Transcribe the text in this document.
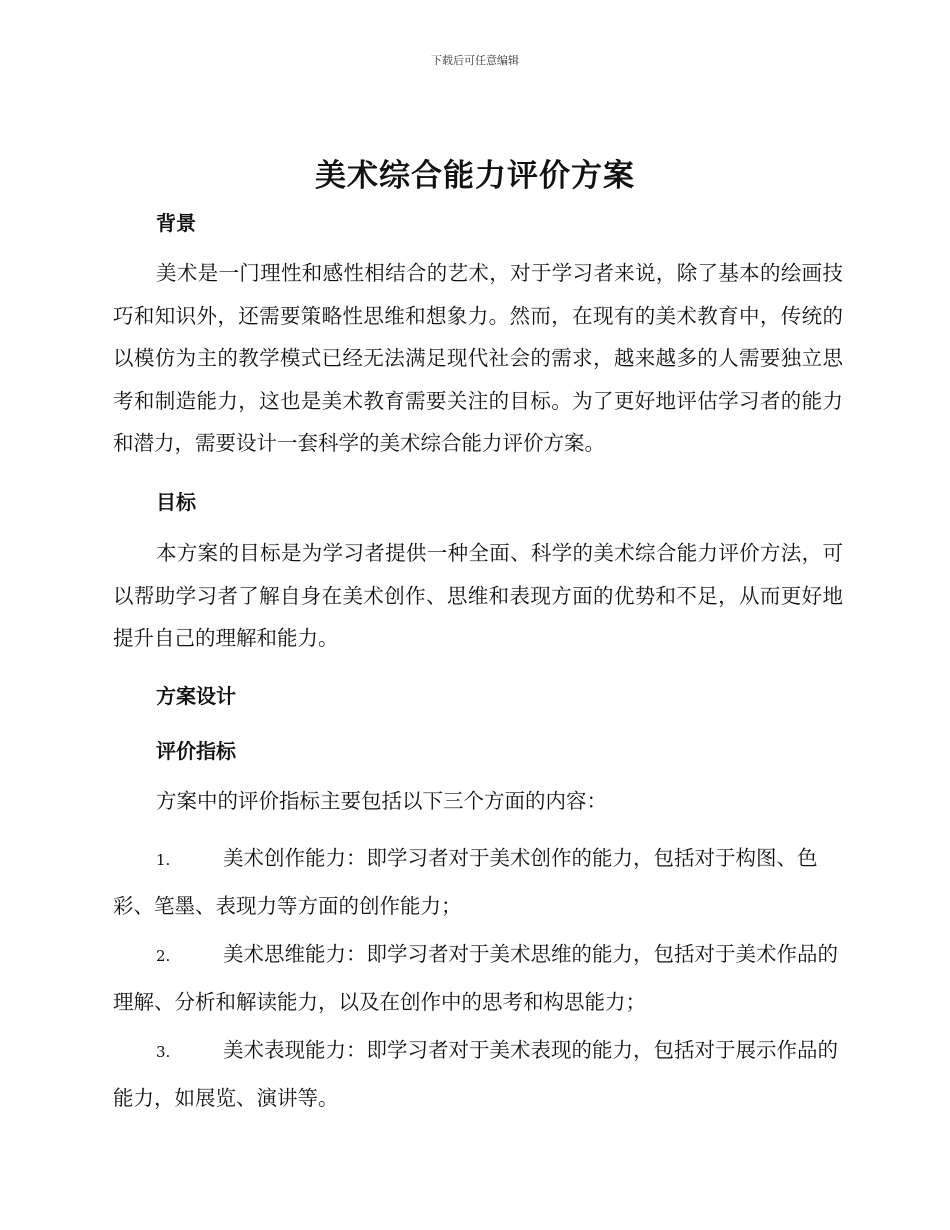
下载后可任意编辑
美术综合能力评价方案
背景

美术是一门理性和感性相结合的艺术，对于学习者来说，除了基本的绘画技巧和知识外，还需要策略性思维和想象力。然而，在现有的美术教育中，传统的以模仿为主的教学模式已经无法满足现代社会的需求，越来越多的人需要独立思考和制造能力，这也是美术教育需要关注的目标。为了更好地评估学习者的能力和潜力，需要设计一套科学的美术综合能力评价方案。

目标

本方案的目标是为学习者提供一种全面、科学的美术综合能力评价方法，可以帮助学习者了解自身在美术创作、思维和表现方面的优势和不足，从而更好地提升自己的理解和能力。

方案设计
评价指标

方案中的评价指标主要包括以下三个方面的内容：

1.	美术创作能力：即学习者对于美术创作的能力，包括对于构图、色彩、笔墨、表现力等方面的创作能力；

2.	美术思维能力：即学习者对于美术思维的能力，包括对于美术作品的理解、分析和解读能力，以及在创作中的思考和构思能力；

3.	美术表现能力：即学习者对于美术表现的能力，包括对于展示作品的能力，如展览、演讲等。
